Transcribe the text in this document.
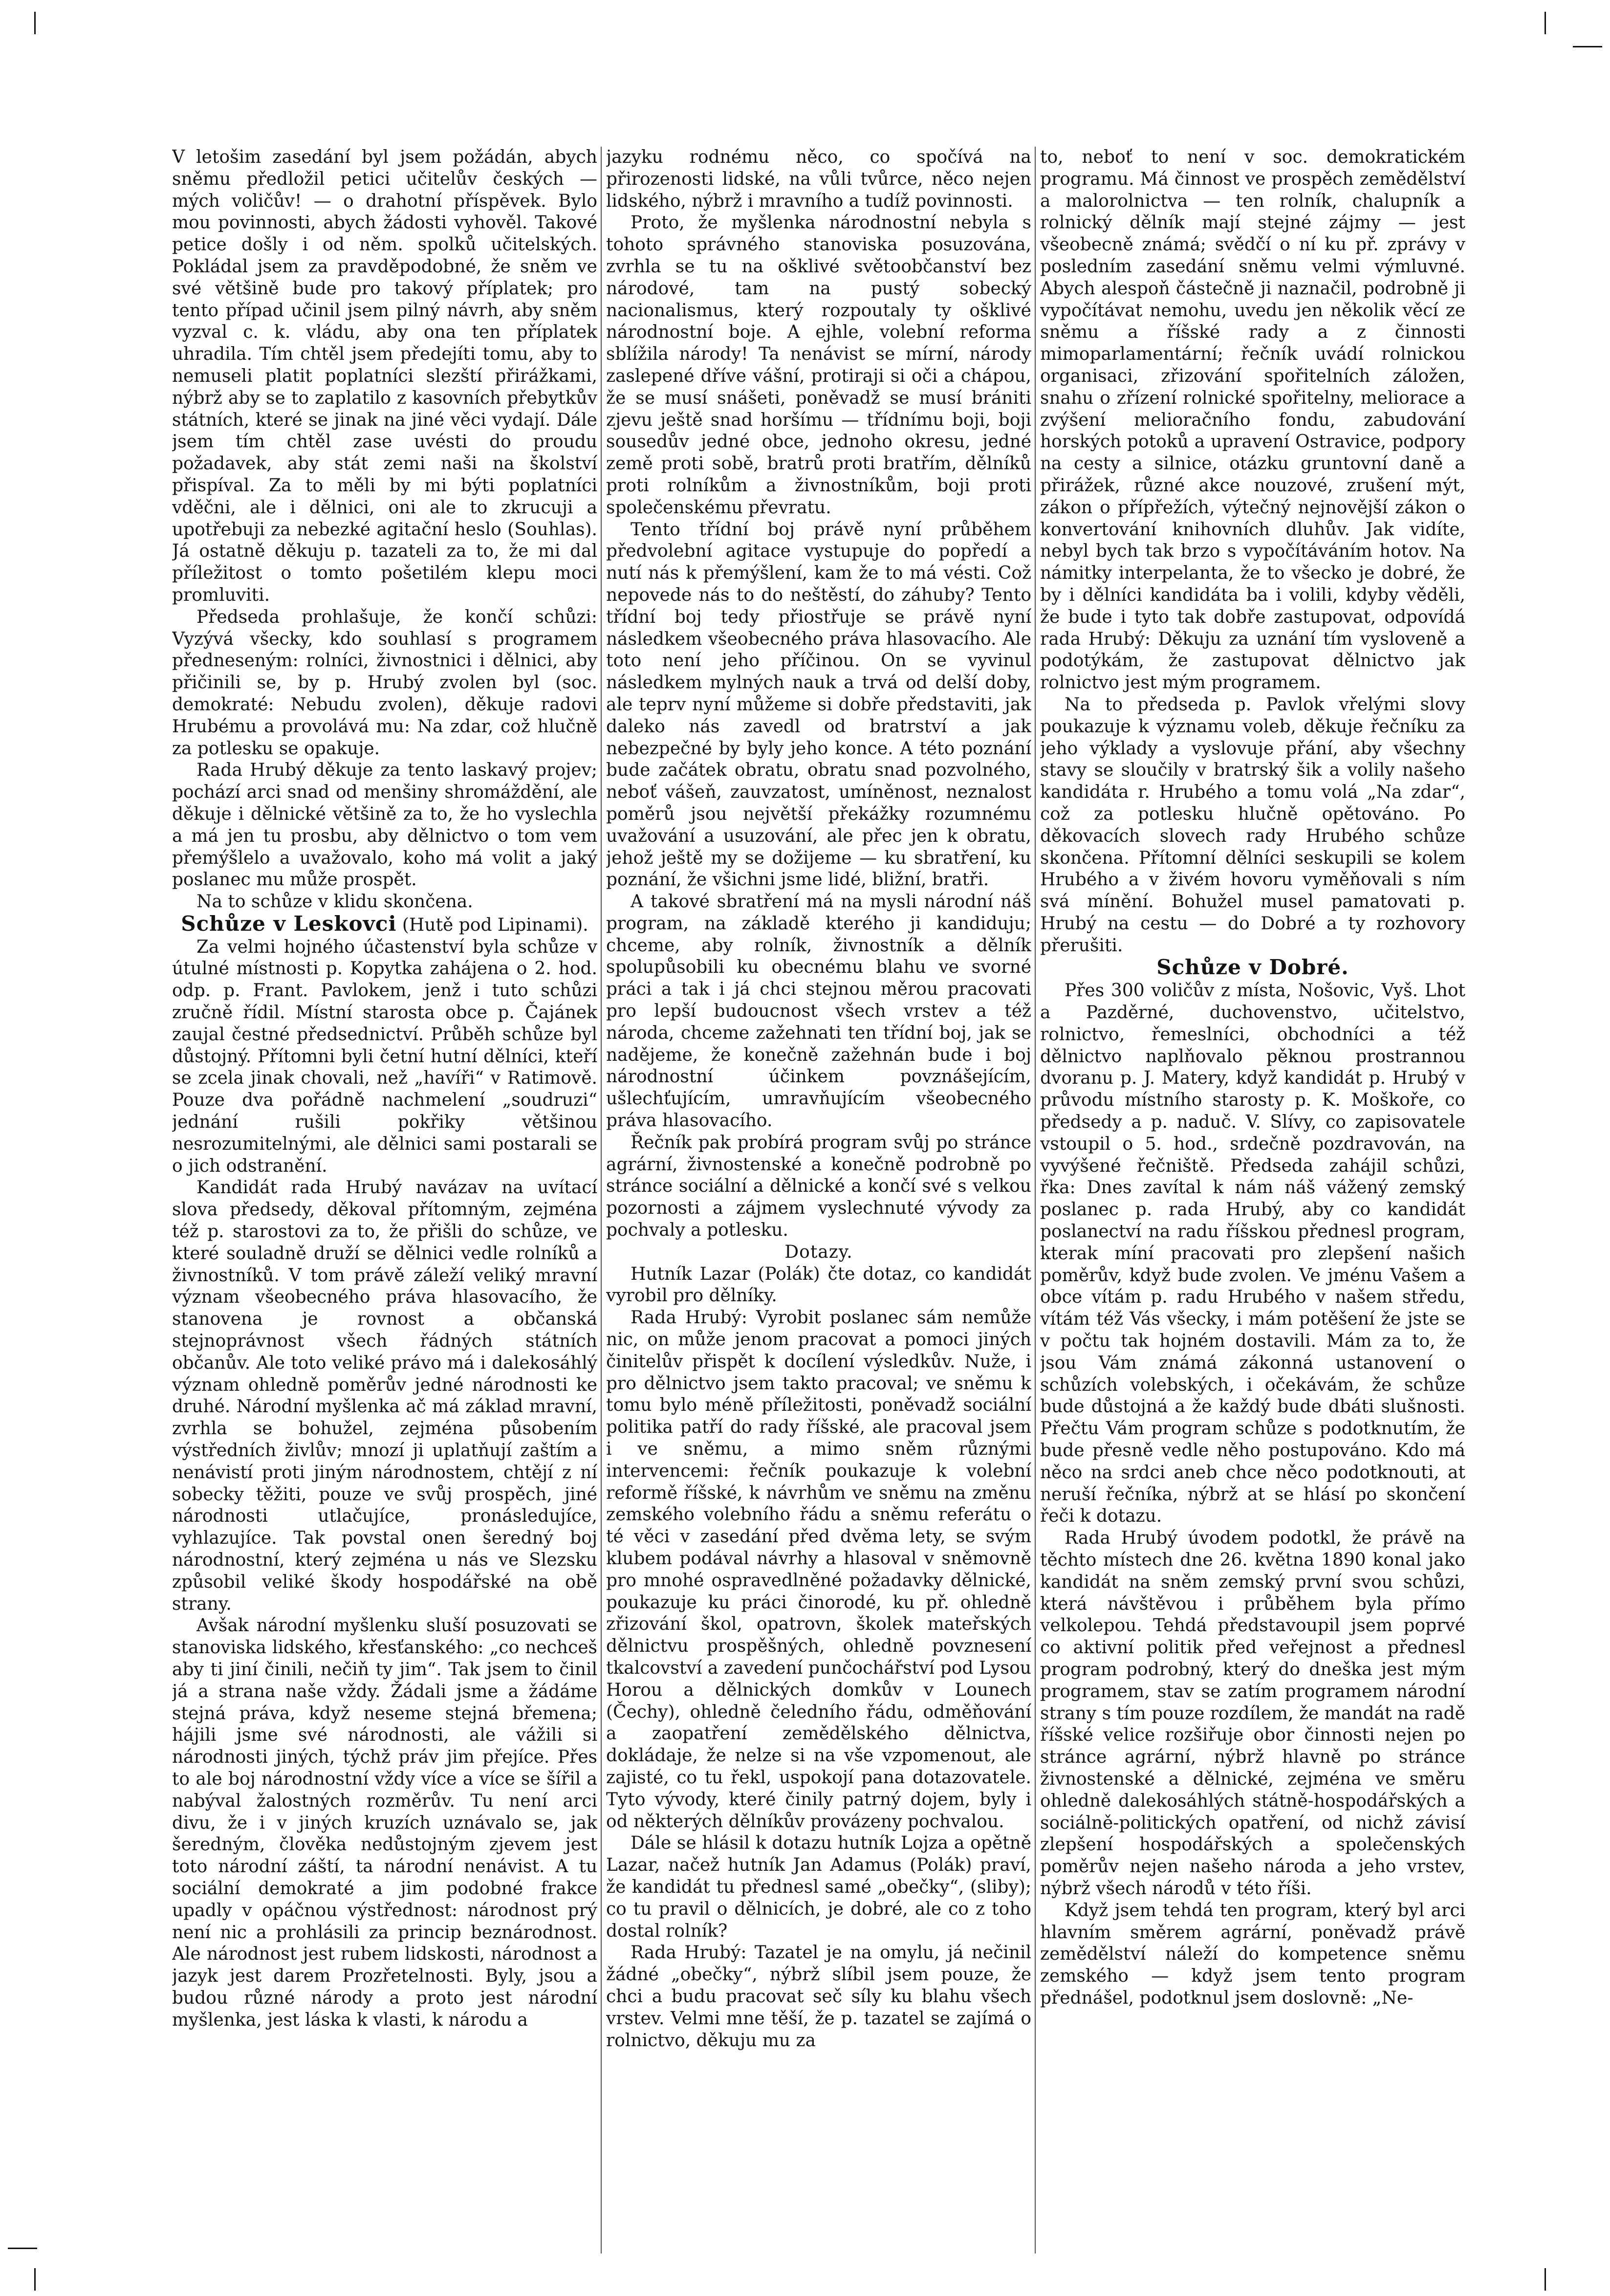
V letošim zasedání byl jsem požádán, abych sněmu předložil petici učitelův českých — mých voličův! — o drahotní příspěvek. Bylo mou povinnosti, abych žádosti vyhověl. Takové petice došly i od něm. spolků učitelských. Pokládal jsem za pravděpodobné, že sněm ve své většině bude pro takový příplatek; pro tento případ učinil jsem pilný návrh, aby sněm vyzval c. k. vládu, aby ona ten příplatek uhradila. Tím chtěl jsem předejíti tomu, aby to nemuseli platit poplatníci slezští přirážkami, nýbrž aby se to zaplatilo z kasovních přebytkův státních, které se jinak na jiné věci vydají. Dále jsem tím chtěl zase uvésti do proudu požadavek, aby stát zemi naši na školství přispíval. Za to měli by mi býti poplatníci vděčni, ale i dělnici, oni ale to zkrucuji a upotřebuji za nebezké agitační heslo (Souhlas). Já ostatně děkuju p. tazateli za to, že mi dal příležitost o tomto pošetilém klepu moci promluviti.

Předseda prohlašuje, že končí schůzi: Vyzývá všecky, kdo souhlasí s programem předneseným: rolníci, živnostnici i dělnici, aby přičinili se, by p. Hrubý zvolen byl (soc. demokraté: Nebudu zvolen), děkuje radovi Hrubému a provolává mu: Na zdar, což hlučně za potlesku se opakuje.

Rada Hrubý děkuje za tento laskavý projev; pochází arci snad od menšiny shromáždění, ale děkuje i dělnické většině za to, že ho vyslechla a má jen tu prosbu, aby dělnictvo o tom vem přemýšlelo a uvažovalo, koho má volit a jaký poslanec mu může prospět.

Na to schůze v klidu skončena.

Schůze v Leskovci (Hutě pod Lipinami).

Za velmi hojného účastenství byla schůze v útulné místnosti p. Kopytka zahájena o 2. hod. odp. p. Frant. Pavlokem, jenž i tuto schůzi zručně řídil. Místní starosta obce p. Čajánek zaujal čestné předsednictví. Průběh schůze byl důstojný. Přítomni byli četní hutní dělníci, kteří se zcela jinak chovali, než „havíři“ v Ratimově. Pouze dva pořádně nachmelení „soudruzi“ jednání rušili pokřiky většinou nesrozumitelnými, ale dělnici sami postarali se o jich odstranění.

Kandidát rada Hrubý navázav na uvítací slova předsedy, děkoval přítomným, zejména též p. starostovi za to, že přišli do schůze, ve které souladně druží se dělnici vedle rolníků a živnostníků. V tom právě záleží veliký mravní význam všeobecného práva hlasovacího, že stanovena je rovnost a občanská stejnoprávnost všech řádných státních občanův. Ale toto veliké právo má i dalekosáhlý význam ohledně poměrův jedné národnosti ke druhé. Národní myšlenka ač má základ mravní, zvrhla se bohužel, zejména působením výstředních živlův; mnozí ji uplatňují zaštím a nenávistí proti jiným národnostem, chtějí z ní sobecky těžiti, pouze ve svůj prospěch, jiné národnosti utlačujíce, pronásledujíce, vyhlazujíce. Tak povstal onen šeredný boj národnostní, který zejména u nás ve Slezsku způsobil veliké škody hospodářské na obě strany.

Avšak národní myšlenku sluší posuzovati se stanoviska lidského, křesťanského: „co nechceš aby ti jiní činili, nečiň ty jim“. Tak jsem to činil já a strana naše vždy. Žádali jsme a žádáme stejná práva, když neseme stejná břemena; hájili jsme své národnosti, ale vážili si národnosti jiných, týchž práv jim přejíce. Přes to ale boj národnostní vždy více a více se šířil a nabýval žalostných rozměrův. Tu není arci divu, že i v jiných kruzích uznávalo se, jak šeredným, člověka nedůstojným zjevem jest toto národní záští, ta národní nenávist. A tu sociální demokraté a jim podobné frakce upadly v opáčnou výstřednost: národnost prý není nic a prohlásili za princip beznárodnost. Ale národnost jest rubem lidskosti, národnost a jazyk jest darem Prozřetelnosti. Byly, jsou a budou různé národy a proto jest národní myšlenka, jest láska k vlasti, k národu a

jazyku rodnému něco, co spočívá na přirozenosti lidské, na vůli tvůrce, něco nejen lidského, nýbrž i mravního a tudíž povinnosti.

Proto, že myšlenka národnostní nebyla s tohoto správného stanoviska posuzována, zvrhla se tu na ošklivé světoobčanství bez národové, tam na pustý sobecký nacionalismus, který rozpoutaly ty ošklivé národnostní boje. A ejhle, volební reforma sblížila národy! Ta nenávist se mírní, národy zaslepené dříve vášní, protiraji si oči a chápou, že se musí snášeti, poněvadž se musí brániti zjevu ještě snad horšímu — třídnímu boji, boji sousedův jedné obce, jednoho okresu, jedné země proti sobě, bratrů proti bratřím, dělníků proti rolníkům a živnostníkům, boji proti společenskému převratu.

Tento třídní boj právě nyní průběhem předvolební agitace vystupuje do popředí a nutí nás k přemýšlení, kam že to má vésti. Což nepovede nás to do neštěstí, do záhuby? Tento třídní boj tedy přiostřuje se právě nyní následkem všeobecného práva hlasovacího. Ale toto není jeho příčinou. On se vyvinul následkem mylných nauk a trvá od delší doby, ale teprv nyní můžeme si dobře představiti, jak daleko nás zavedl od bratrství a jak nebezpečné by byly jeho konce. A této poznání bude začátek obratu, obratu snad pozvolného, neboť vášeň, zauvzatost, umíněnost, neznalost poměrů jsou největší překážky rozumnému uvažování a usuzování, ale přec jen k obratu, jehož ještě my se dožijeme — ku sbratření, ku poznání, že všichni jsme lidé, bližní, bratři.

A takové sbratření má na mysli národní náš program, na základě kterého ji kandiduju; chceme, aby rolník, živnostník a dělník spolupůsobili ku obecnému blahu ve svorné práci a tak i já chci stejnou měrou pracovati pro lepší budoucnost všech vrstev a též národa, chceme zažehnati ten třídní boj, jak se nadějeme, že konečně zažehnán bude i boj národnostní účinkem povznášejícím, ušlechťujícím, umravňujícím všeobecného práva hlasovacího.

Řečník pak probírá program svůj po stránce agrární, živnostenské a konečně podrobně po stránce sociální a dělnické a končí své s velkou pozornosti a zájmem vyslechnuté vývody za pochvaly a potlesku.

Dotazy.

Hutník Lazar (Polák) čte dotaz, co kandidát vyrobil pro dělníky.

Rada Hrubý: Vyrobit poslanec sám nemůže nic, on může jenom pracovat a pomoci jiných činitelův přispět k docílení výsledkův. Nuže, i pro dělnictvo jsem takto pracoval; ve sněmu k tomu bylo méně příležitosti, poněvadž sociální politika patří do rady říšské, ale pracoval jsem i ve sněmu, a mimo sněm různými intervencemi: řečník poukazuje k volební reformě říšské, k návrhům ve sněmu na změnu zemského volebního řádu a sněmu referátu o té věci v zasedání před dvěma lety, se svým klubem podával návrhy a hlasoval v sněmovně pro mnohé ospravedlněné požadavky dělnické, poukazuje ku práci činorodé, ku př. ohledně zřizování škol, opatrovn, školek mateřských dělnictvu prospěšných, ohledně povznesení tkalcovství a zavedení punčochářství pod Lysou Horou a dělnických domkův v Lounech (Čechy), ohledně čeledního řádu, odměňování a zaopatření zemědělského dělnictva, dokládaje, že nelze si na vše vzpomenout, ale zajisté, co tu řekl, uspokojí pana dotazovatele. Tyto vývody, které činily patrný dojem, byly i od některých dělníkův provázeny pochvalou.

Dále se hlásil k dotazu hutník Lojza a opětně Lazar, načež hutník Jan Adamus (Polák) praví, že kandidát tu přednesl samé „obečky“, (sliby); co tu pravil o dělnicích, je dobré, ale co z toho dostal rolník?

Rada Hrubý: Tazatel je na omylu, já nečinil žádné „obečky“, nýbrž slíbil jsem pouze, že chci a budu pracovat seč síly ku blahu všech vrstev. Velmi mne těší, že p. tazatel se zajímá o rolnictvo, děkuju mu za

to, neboť to není v soc. demokratickém programu. Má činnost ve prospěch zemědělství a malorolnictva — ten rolník, chalupník a rolnický dělník mají stejné zájmy — jest všeobecně známá; svědčí o ní ku př. zprávy v posledním zasedání sněmu velmi výmluvné. Abych alespoň částečně ji naznačil, podrobně ji vypočítávat nemohu, uvedu jen několik věcí ze sněmu a říšské rady a z činnosti mimoparlamentární; řečník uvádí rolnickou organisaci, zřizování spořitelních záložen, snahu o zřízení rolnické spořitelny, meliorace a zvýšení melioračního fondu, zabudování horských potoků a upravení Ostravice, podpory na cesty a silnice, otázku gruntovní daně a přirážek, různé akce nouzové, zrušení mýt, zákon o přípřežích, výtečný nejnovější zákon o konvertování knihovních dluhův. Jak vidíte, nebyl bych tak brzo s vypočítáváním hotov. Na námitky interpelanta, že to všecko je dobré, že by i dělníci kandidáta ba i volili, kdyby věděli, že bude i tyto tak dobře zastupovat, odpovídá rada Hrubý: Děkuju za uznání tím vysloveně a podotýkám, že zastupovat dělnictvo jak rolnictvo jest mým programem.

Na to předseda p. Pavlok vřelými slovy poukazuje k významu voleb, děkuje řečníku za jeho výklady a vyslovuje přání, aby všechny stavy se sloučily v bratrský šik a volily našeho kandidáta r. Hrubého a tomu volá „Na zdar“, což za potlesku hlučně opětováno. Po děkovacích slovech rady Hrubého schůze skončena. Přítomní dělníci seskupili se kolem Hrubého a v živém hovoru vyměňovali s ním svá mínění. Bohužel musel pamatovati p. Hrubý na cestu — do Dobré a ty rozhovory přerušiti.

Schůze v Dobré.

Přes 300 voličův z místa, Nošovic, Vyš. Lhot a Pazděrné, duchovenstvo, učitelstvo, rolnictvo, řemeslníci, obchodníci a též dělnictvo naplňovalo pěknou prostrannou dvoranu p. J. Matery, když kandidát p. Hrubý v průvodu místního starosty p. K. Moškoře, co předsedy a p. naduč. V. Slívy, co zapisovatele vstoupil o 5. hod., srdečně pozdravován, na vyvýšené řečniště. Předseda zahájil schůzi, řka: Dnes zavítal k nám náš vážený zemský poslanec p. rada Hrubý, aby co kandidát poslanectví na radu říšskou přednesl program, kterak míní pracovati pro zlepšení našich poměrův, když bude zvolen. Ve jménu Vašem a obce vítám p. radu Hrubého v našem středu, vítám též Vás všecky, i mám potěšení že jste se v počtu tak hojném dostavili. Mám za to, že jsou Vám známá zákonná ustanovení o schůzích volebských, i očekávám, že schůze bude důstojná a že každý bude dbáti slušnosti. Přečtu Vám program schůze s podotknutím, že bude přesně vedle něho postupováno. Kdo má něco na srdci aneb chce něco podotknouti, at neruší řečníka, nýbrž at se hlásí po skončení řeči k dotazu.

Rada Hrubý úvodem podotkl, že právě na těchto místech dne 26. května 1890 konal jako kandidát na sněm zemský první svou schůzi, která návštěvou i průběhem byla přímo velkolepou. Tehdá představoupil jsem poprvé co aktivní politik před veřejnost a přednesl program podrobný, který do dneška jest mým programem, stav se zatím programem národní strany s tím pouze rozdílem, že mandát na radě říšské velice rozšiřuje obor činnosti nejen po stránce agrární, nýbrž hlavně po stránce živnostenské a dělnické, zejména ve směru ohledně dalekosáhlých státně-hospodářských a sociálně-politických opatření, od nichž závisí zlepšení hospodářských a společenských poměrův nejen našeho národa a jeho vrstev, nýbrž všech národů v této říši.

Když jsem tehdá ten program, který byl arci hlavním směrem agrární, poněvadž právě zemědělství náleží do kompetence sněmu zemského — když jsem tento program přednášel, podotknul jsem doslovně: „Ne-
